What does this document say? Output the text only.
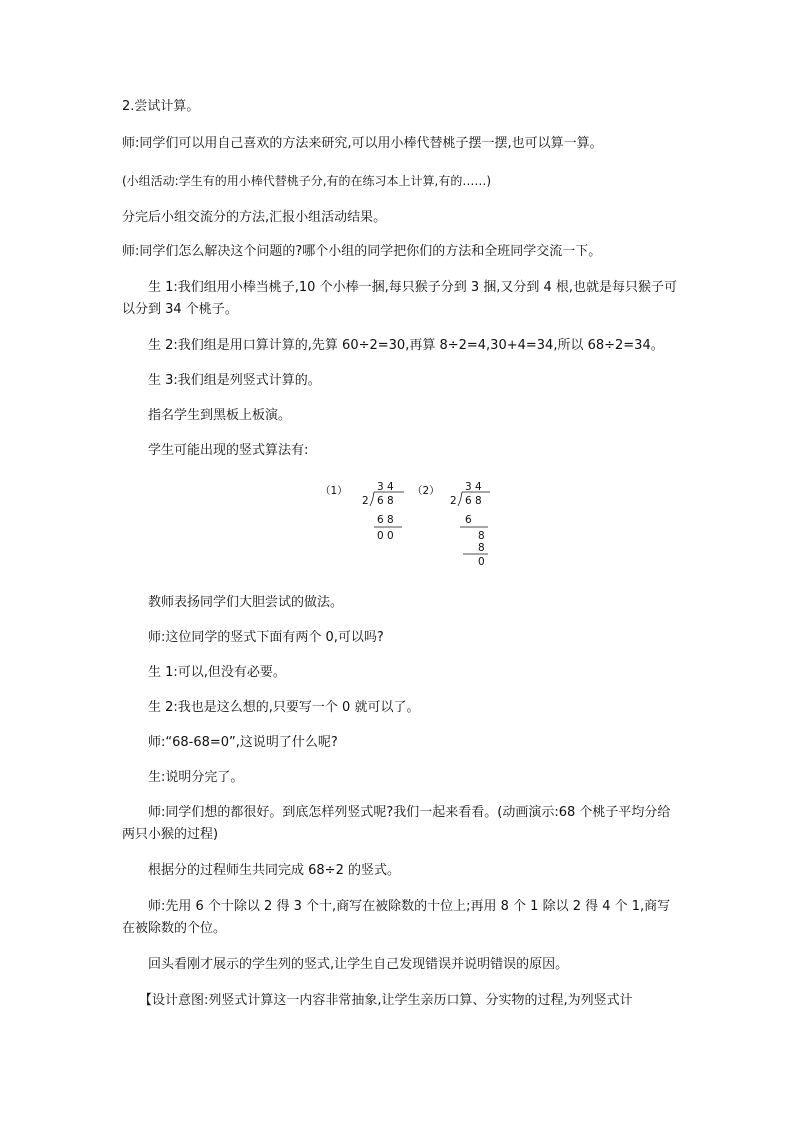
2.尝试计算。
师:同学们可以用自己喜欢的方法来研究,可以用小棒代替桃子摆一摆,也可以算一算。
(小组活动:学生有的用小棒代替桃子分,有的在练习本上计算,有的……)
分完后小组交流分的方法,汇报小组活动结果。
师:同学们怎么解决这个问题的?哪个小组的同学把你们的方法和全班同学交流一下。
生 1:我们组用小棒当桃子,10 个小棒一捆,每只猴子分到 3 捆,又分到 4 根,也就是每只猴子可以分到 34 个桃子。
生 2:我们组是用口算计算的,先算 60÷2=30,再算 8÷2=4,30+4=34,所以 68÷2=34。
生 3:我们组是列竖式计算的。
指名学生到黑板上板演。
学生可能出现的竖式算法有:
（1）	3 4
2 6 8
6 8
0 0
（2） 3 4
2 6 8
6
8
8
0
教师表扬同学们大胆尝试的做法。
师:这位同学的竖式下面有两个 0,可以吗?
生 1:可以,但没有必要。
生 2:我也是这么想的,只要写一个 0 就可以了。
师:“68-68=0”,这说明了什么呢?
生:说明分完了。
师:同学们想的都很好。到底怎样列竖式呢?我们一起来看看。(动画演示:68 个桃子平均分给两只小猴的过程)
根据分的过程师生共同完成 68÷2 的竖式。
师:先用 6 个十除以 2 得 3 个十,商写在被除数的十位上;再用 8 个 1 除以 2 得 4 个 1,商写在被除数的个位。
回头看刚才展示的学生列的竖式,让学生自己发现错误并说明错误的原因。
【设计意图:列竖式计算这一内容非常抽象,让学生亲历口算、分实物的过程,为列竖式计
